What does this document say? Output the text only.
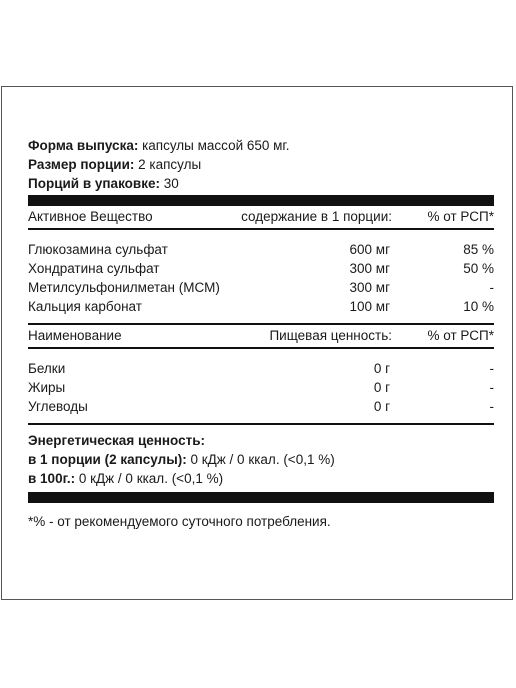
Форма выпуска: капсулы массой 650 мг.
Размер порции: 2 капсулы
Порций в упаковке: 30
Активное Вещество	содержание в 1 порции:	% от РСП*
Глюкозамина сульфат	600 мг	85 %
Хондратина сульфат	300 мг	50 %
Метилсульфонилметан (МСМ)	300 мг	-
Кальция карбонат	100 мг	10 %
Наименование	Пищевая ценность:	% от РСП*
Белки	0 г	-
Жиры	0 г	-
Углеводы	0 г	-
Энергетическая ценность:
в 1 порции (2 капсулы): 0 кДж / 0 ккал. (<0,1 %)
в 100г.: 0 кДж / 0 ккал. (<0,1 %)
*% - от рекомендуемого суточного потребления.
